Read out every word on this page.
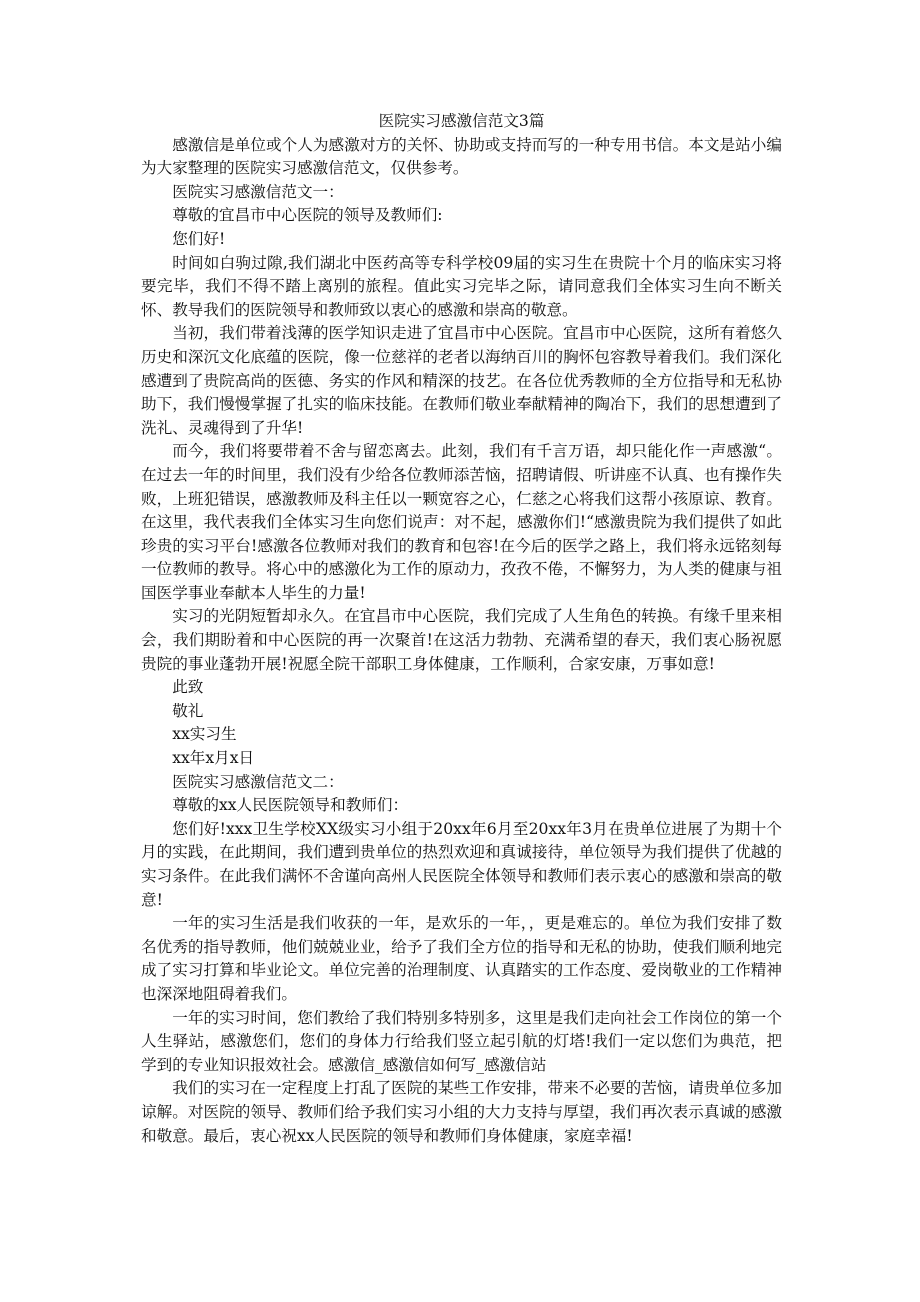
医院实习感激信范文3篇

感激信是单位或个人为感激对方的关怀、协助或支持而写的一种专用书信。本文是站小编为大家整理的医院实习感激信范文，仅供参考。

医院实习感激信范文一：

尊敬的宜昌市中心医院的领导及教师们:

您们好!

时间如白驹过隙,我们湖北中医药高等专科学校09届的实习生在贵院十个月的临床实习将要完毕，我们不得不踏上离别的旅程。值此实习完毕之际，请同意我们全体实习生向不断关怀、教导我们的医院领导和教师致以衷心的感激和崇高的敬意。

当初，我们带着浅薄的医学知识走进了宜昌市中心医院。宜昌市中心医院，这所有着悠久历史和深沉文化底蕴的医院，像一位慈祥的老者以海纳百川的胸怀包容教导着我们。我们深化感遭到了贵院高尚的医德、务实的作风和精深的技艺。在各位优秀教师的全方位指导和无私协助下，我们慢慢掌握了扎实的临床技能。在教师们敬业奉献精神的陶冶下，我们的思想遭到了洗礼、灵魂得到了升华!

而今，我们将要带着不舍与留恋离去。此刻，我们有千言万语，却只能化作一声感激“。在过去一年的时间里，我们没有少给各位教师添苦恼，招聘请假、听讲座不认真、也有操作失败，上班犯错误，感激教师及科主任以一颗宽容之心，仁慈之心将我们这帮小孩原谅、教育。在这里，我代表我们全体实习生向您们说声：对不起，感激你们!“感激贵院为我们提供了如此珍贵的实习平台!感激各位教师对我们的教育和包容!在今后的医学之路上，我们将永远铭刻每一位教师的教导。将心中的感激化为工作的原动力，孜孜不倦，不懈努力，为人类的健康与祖国医学事业奉献本人毕生的力量!

实习的光阴短暂却永久。在宜昌市中心医院，我们完成了人生角色的转换。有缘千里来相会，我们期盼着和中心医院的再一次聚首!在这活力勃勃、充满希望的春天，我们衷心肠祝愿贵院的事业蓬勃开展!祝愿全院干部职工身体健康，工作顺利，合家安康，万事如意!

此致

敬礼

xx实习生

xx年x月x日

医院实习感激信范文二：

尊敬的xx人民医院领导和教师们：

您们好!xxx卫生学校XX级实习小组于20xx年6月至20xx年3月在贵单位进展了为期十个月的实践，在此期间，我们遭到贵单位的热烈欢迎和真诚接待，单位领导为我们提供了优越的实习条件。在此我们满怀不舍谨向高州人民医院全体领导和教师们表示衷心的感激和崇高的敬意!

一年的实习生活是我们收获的一年，是欢乐的一年，，更是难忘的。单位为我们安排了数名优秀的指导教师，他们兢兢业业，给予了我们全方位的指导和无私的协助，使我们顺利地完成了实习打算和毕业论文。单位完善的治理制度、认真踏实的工作态度、爱岗敬业的工作精神也深深地阻碍着我们。

一年的实习时间，您们教给了我们特别多特别多，这里是我们走向社会工作岗位的第一个人生驿站，感激您们，您们的身体力行给我们竖立起引航的灯塔!我们一定以您们为典范，把学到的专业知识报效社会。感激信_感激信如何写_感激信站

我们的实习在一定程度上打乱了医院的某些工作安排，带来不必要的苦恼，请贵单位多加谅解。对医院的领导、教师们给予我们实习小组的大力支持与厚望，我们再次表示真诚的感激和敬意。最后，衷心祝xx人民医院的领导和教师们身体健康，家庭幸福!
